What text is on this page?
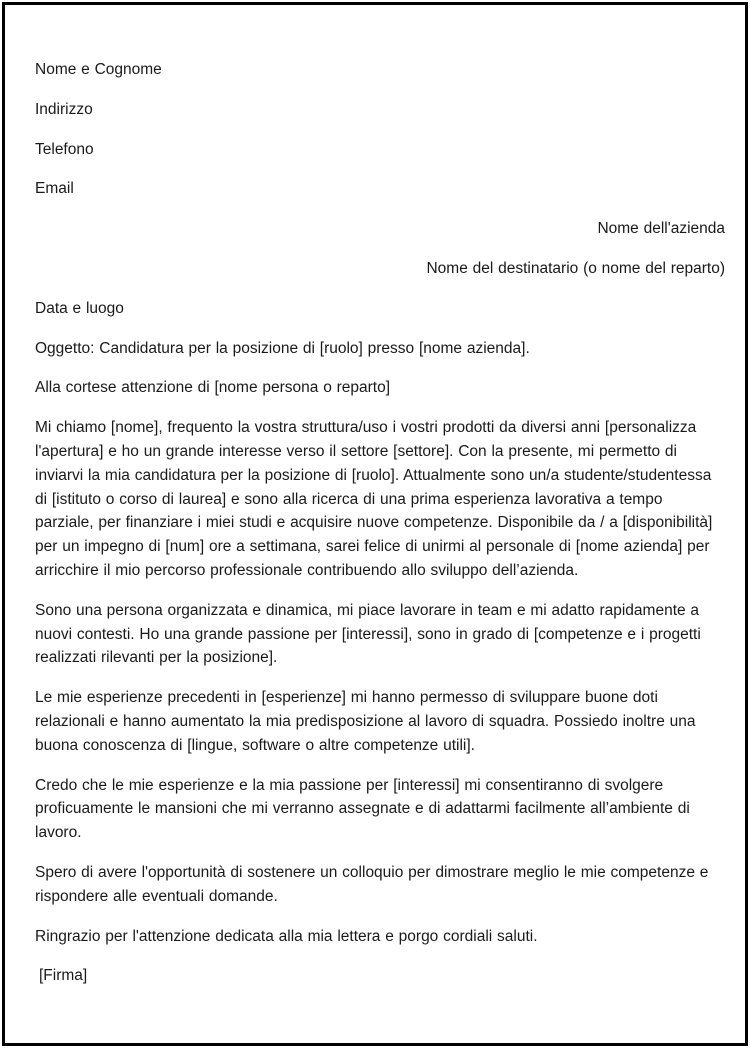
Nome e Cognome

Indirizzo

Telefono

Email

Nome dell'azienda

Nome del destinatario (o nome del reparto)

Data e luogo

Oggetto: Candidatura per la posizione di [ruolo] presso [nome azienda].

Alla cortese attenzione di [nome persona o reparto]

Mi chiamo [nome], frequento la vostra struttura/uso i vostri prodotti da diversi anni [personalizza l'apertura] e ho un grande interesse verso il settore [settore]. Con la presente, mi permetto di inviarvi la mia candidatura per la posizione di [ruolo]. Attualmente sono un/a studente/studentessa di [istituto o corso di laurea] e sono alla ricerca di una prima esperienza lavorativa a tempo parziale, per finanziare i miei studi e acquisire nuove competenze. Disponibile da / a [disponibilità] per un impegno di [num] ore a settimana, sarei felice di unirmi al personale di [nome azienda] per arricchire il mio percorso professionale contribuendo allo sviluppo dell’azienda.

Sono una persona organizzata e dinamica, mi piace lavorare in team e mi adatto rapidamente a nuovi contesti. Ho una grande passione per [interessi], sono in grado di [competenze e i progetti realizzati rilevanti per la posizione].

Le mie esperienze precedenti in [esperienze] mi hanno permesso di sviluppare buone doti relazionali e hanno aumentato la mia predisposizione al lavoro di squadra. Possiedo inoltre una buona conoscenza di [lingue, software o altre competenze utili].

Credo che le mie esperienze e la mia passione per [interessi] mi consentiranno di svolgere proficuamente le mansioni che mi verranno assegnate e di adattarmi facilmente all’ambiente di lavoro.

Spero di avere l'opportunità di sostenere un colloquio per dimostrare meglio le mie competenze e rispondere alle eventuali domande.

Ringrazio per l'attenzione dedicata alla mia lettera e porgo cordiali saluti.

[Firma]
